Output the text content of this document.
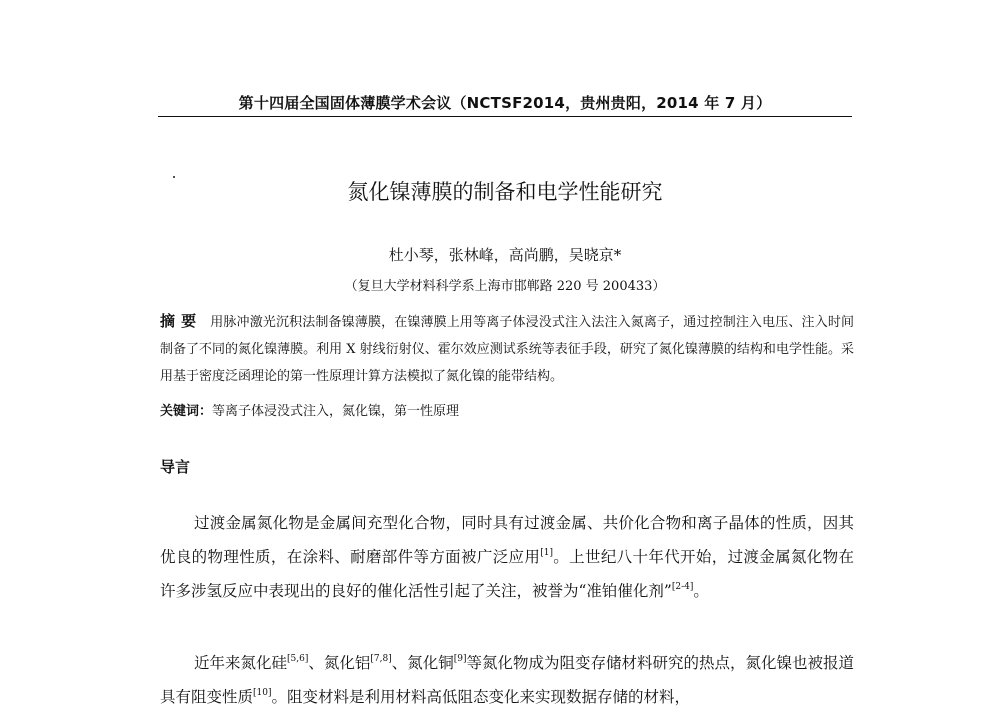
第十四届全国固体薄膜学术会议（NCTSF2014，贵州贵阳，2014 年 7 月）
氮化镍薄膜的制备和电学性能研究
杜小琴，张林峰，高尚鹏，吴晓京*
（复旦大学材料科学系上海市邯郸路 220 号 200433）
摘要 用脉冲激光沉积法制备镍薄膜，在镍薄膜上用等离子体浸没式注入法注入氮离子，通过控制注入电压、注入时间制备了不同的氮化镍薄膜。利用 X 射线衍射仪、霍尔效应测试系统等表征手段，研究了氮化镍薄膜的结构和电学性能。采用基于密度泛函理论的第一性原理计算方法模拟了氮化镍的能带结构。
关键词：等离子体浸没式注入，氮化镍，第一性原理
导言
过渡金属氮化物是金属间充型化合物，同时具有过渡金属、共价化合物和离子晶体的性质，因其优良的物理性质，在涂料、耐磨部件等方面被广泛应用[1]。上世纪八十年代开始，过渡金属氮化物在许多涉氢反应中表现出的良好的催化活性引起了关注，被誉为“准铂催化剂”[2-4]。
近年来氮化硅[5,6]、氮化铝[7,8]、氮化铜[9]等氮化物成为阻变存储材料研究的热点，氮化镍也被报道具有阻变性质[10]。阻变材料是利用材料高低阻态变化来实现数据存储的材料，
